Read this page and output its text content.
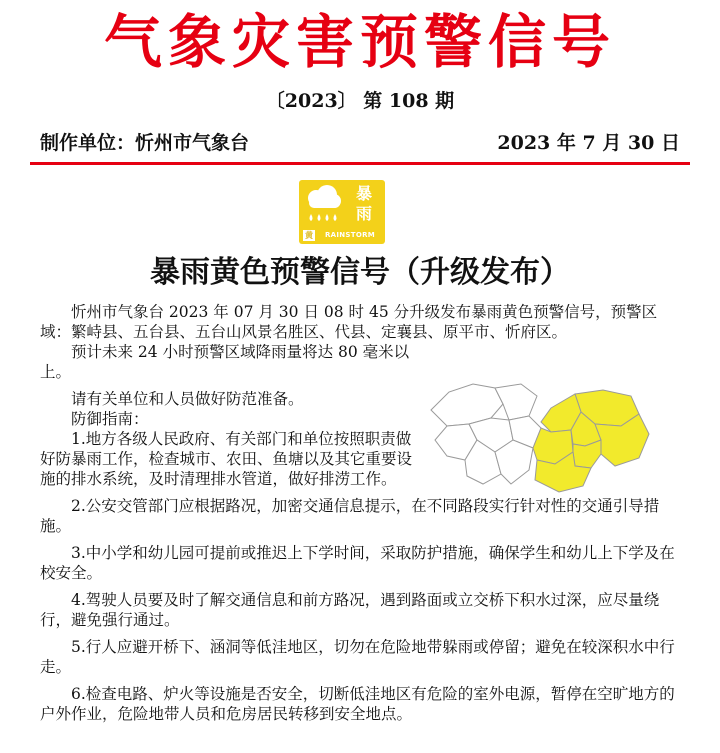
气象灾害预警信号
〔2023〕 第 108 期
制作单位：忻州市气象台	2023 年 7 月 30 日
暴
雨
黄	RAINSTORM
暴雨黄色预警信号（升级发布）

忻州市气象台 2023 年 07 月 30 日 08 时 45 分升级发布暴雨黄色预警信号，预警区域：繁峙县、五台县、五台山风景名胜区、代县、定襄县、原平市、忻府区。

预计未来 24 小时预警区域降雨量将达 80 毫米以

上。

请有关单位和人员做好防范准备。

防御指南：

1.地方各级人民政府、有关部门和单位按照职责做好防暴雨工作，检查城市、农田、鱼塘以及其它重要设施的排水系统，及时清理排水管道，做好排涝工作。

2.公安交管部门应根据路况，加密交通信息提示，在不同路段实行针对性的交通引导措施。

3.中小学和幼儿园可提前或推迟上下学时间，采取防护措施，确保学生和幼儿上下学及在校安全。

4.驾驶人员要及时了解交通信息和前方路况，遇到路面或立交桥下积水过深，应尽量绕行，避免强行通过。

5.行人应避开桥下、涵洞等低洼地区，切勿在危险地带躲雨或停留；避免在较深积水中行走。

6.检查电路、炉火等设施是否安全，切断低洼地区有危险的室外电源，暂停在空旷地方的户外作业，危险地带人员和危房居民转移到安全地点。
